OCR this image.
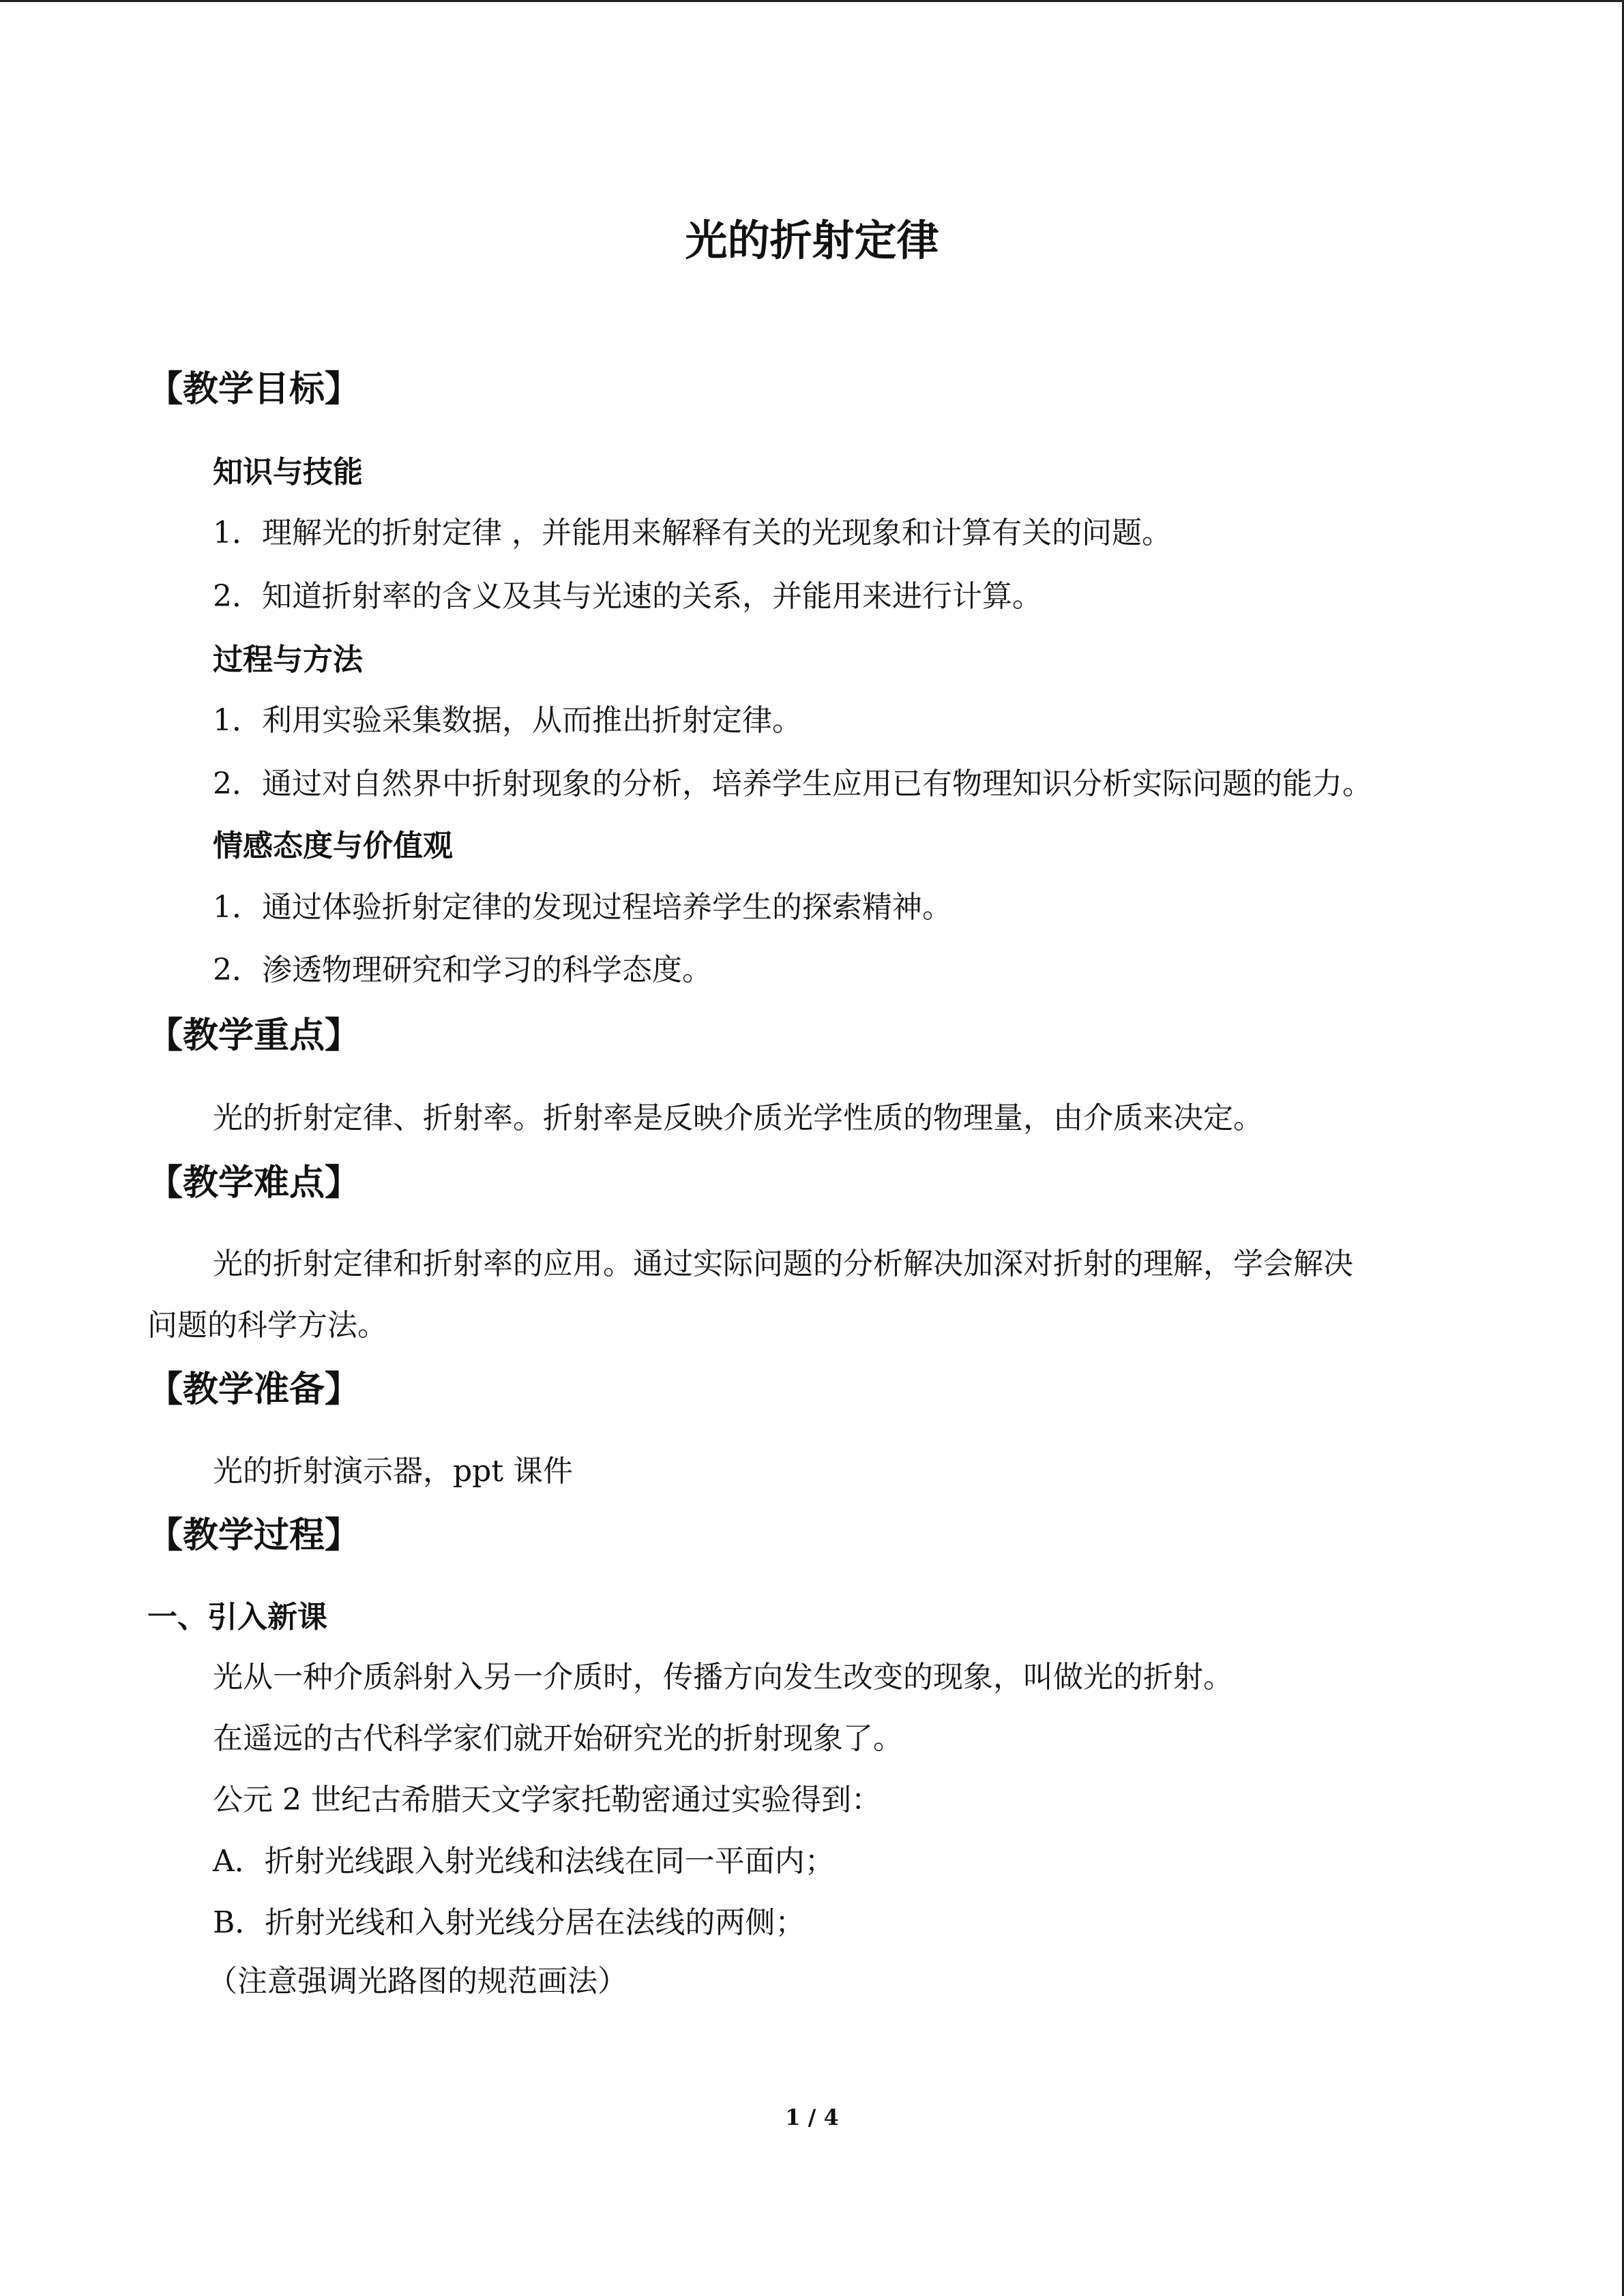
光的折射定律
【教学目标】
知识与技能

1．理解光的折射定律 ，并能用来解释有关的光现象和计算有关的问题。

2．知道折射率的含义及其与光速的关系，并能用来进行计算。

过程与方法

1．利用实验采集数据，从而推出折射定律。

2．通过对自然界中折射现象的分析，培养学生应用已有物理知识分析实际问题的能力。

情感态度与价值观

1．通过体验折射定律的发现过程培养学生的探索精神。

2．渗透物理研究和学习的科学态度。

【教学重点】

光的折射定律、折射率。折射率是反映介质光学性质的物理量，由介质来决定。

【教学难点】

光的折射定律和折射率的应用。通过实际问题的分析解决加深对折射的理解，学会解决

问题的科学方法。

【教学准备】

光的折射演示器，ppt 课件

【教学过程】
一、引入新课

光从一种介质斜射入另一介质时，传播方向发生改变的现象，叫做光的折射。

在遥远的古代科学家们就开始研究光的折射现象了。

公元 2 世纪古希腊天文学家托勒密通过实验得到：

A．折射光线跟入射光线和法线在同一平面内；

B．折射光线和入射光线分居在法线的两侧；

（注意强调光路图的规范画法）

1 / 4
